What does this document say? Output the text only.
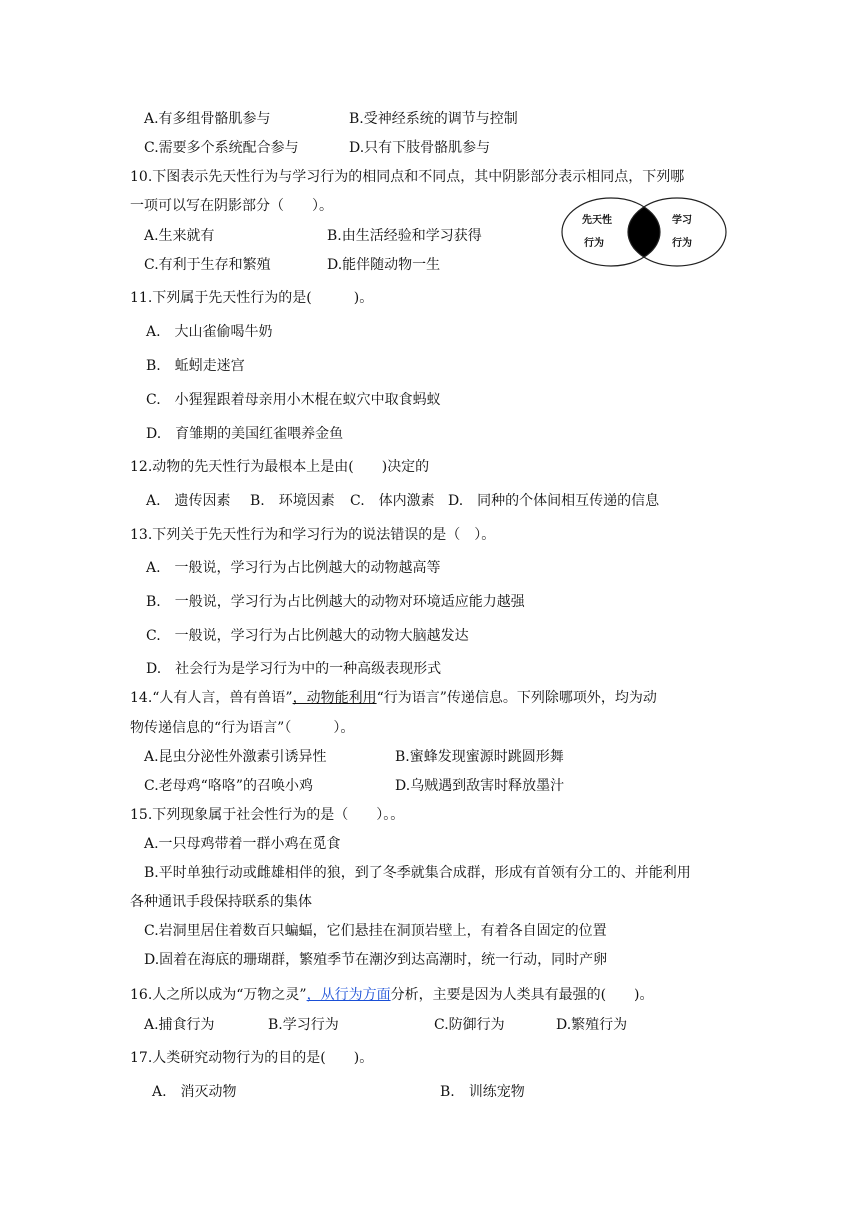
A.有多组骨骼肌参与	B.受神经系统的调节与控制
C.需要多个系统配合参与	D.只有下肢骨骼肌参与
10.下图表示先天性行为与学习行为的相同点和不同点，其中阴影部分表示相同点，下列哪
一项可以写在阴影部分（　　）。
A.生来就有	B.由生活经验和学习获得
C.有利于生存和繁殖	D.能伴随动物一生
先天性
行为
学习
行为
11.下列属于先天性行为的是(　　　)。
A.　大山雀偷喝牛奶
B.　蚯蚓走迷宫
C.　小猩猩跟着母亲用小木棍在蚁穴中取食蚂蚁
D.　育雏期的美国红雀喂养金鱼
12.动物的先天性行为最根本上是由(　　)决定的
A.　遗传因素 B.　环境因素 C.　体内激素 D.　同种的个体间相互传递的信息
13.下列关于先天性行为和学习行为的说法错误的是（　）。
A.　一般说，学习行为占比例越大的动物越高等
B.　一般说，学习行为占比例越大的动物对环境适应能力越强
C.　一般说，学习行为占比例越大的动物大脑越发达
D.　社会行为是学习行为中的一种高级表现形式
14.“人有人言，兽有兽语”，动物能利用“行为语言”传递信息。下列除哪项外，均为动
物传递信息的“行为语言”（　　　）。
A.昆虫分泌性外激素引诱异性	B.蜜蜂发现蜜源时跳圆形舞
C.老母鸡“咯咯”的召唤小鸡	D.乌贼遇到敌害时释放墨汁
15.下列现象属于社会性行为的是（　　）。。
A.一只母鸡带着一群小鸡在觅食
B.平时单独行动或雌雄相伴的狼，到了冬季就集合成群，形成有首领有分工的、并能利用
各种通讯手段保持联系的集体
C.岩洞里居住着数百只蝙蝠，它们悬挂在洞顶岩壁上，有着各自固定的位置
D.固着在海底的珊瑚群，繁殖季节在潮汐到达高潮时，统一行动，同时产卵
16.人之所以成为“万物之灵”，从行为方面分析，主要是因为人类具有最强的(　　)。
A.捕食行为	B.学习行为	C.防御行为	D.繁殖行为
17.人类研究动物行为的目的是(　　)。
A.　消灭动物	B.　训练宠物
